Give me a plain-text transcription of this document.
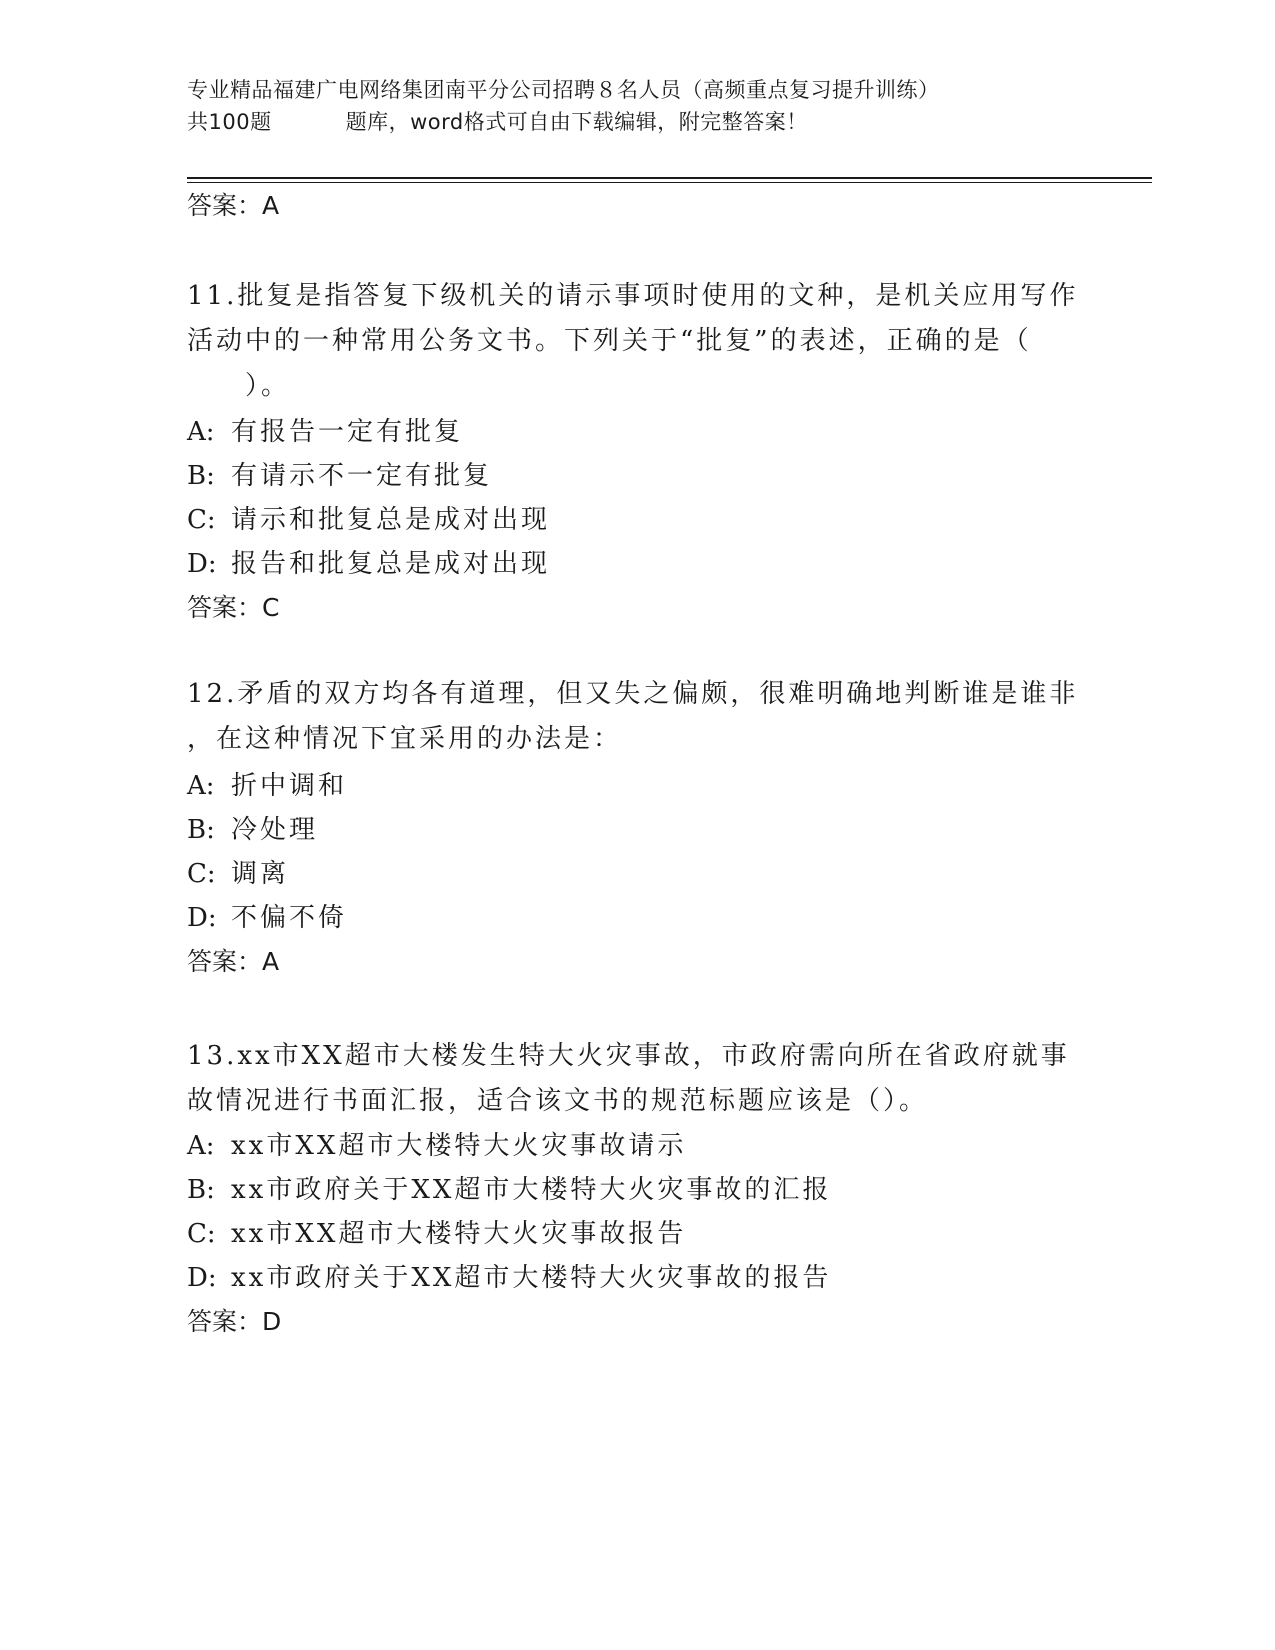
专业精品福建广电网络集团南平分公司招聘８名人员（高频重点复习提升训练）
共100题	题库，word格式可自由下载编辑，附完整答案！
答案：A
11.批复是指答复下级机关的请示事项时使用的文种，是机关应用写作
活动中的一种常用公务文书。下列关于“批复”的表述，正确的是（
　　）。
A: 有报告一定有批复
B: 有请示不一定有批复
C: 请示和批复总是成对出现
D: 报告和批复总是成对出现
答案：C
12.矛盾的双方均各有道理，但又失之偏颇，很难明确地判断谁是谁非
，在这种情况下宜采用的办法是：
A: 折中调和
B: 冷处理
C: 调离
D: 不偏不倚
答案：A
13.xx市XX超市大楼发生特大火灾事故，市政府需向所在省政府就事
故情况进行书面汇报，适合该文书的规范标题应该是（）。
A: xx市XX超市大楼特大火灾事故请示
B: xx市政府关于XX超市大楼特大火灾事故的汇报
C: xx市XX超市大楼特大火灾事故报告
D: xx市政府关于XX超市大楼特大火灾事故的报告
答案：D
